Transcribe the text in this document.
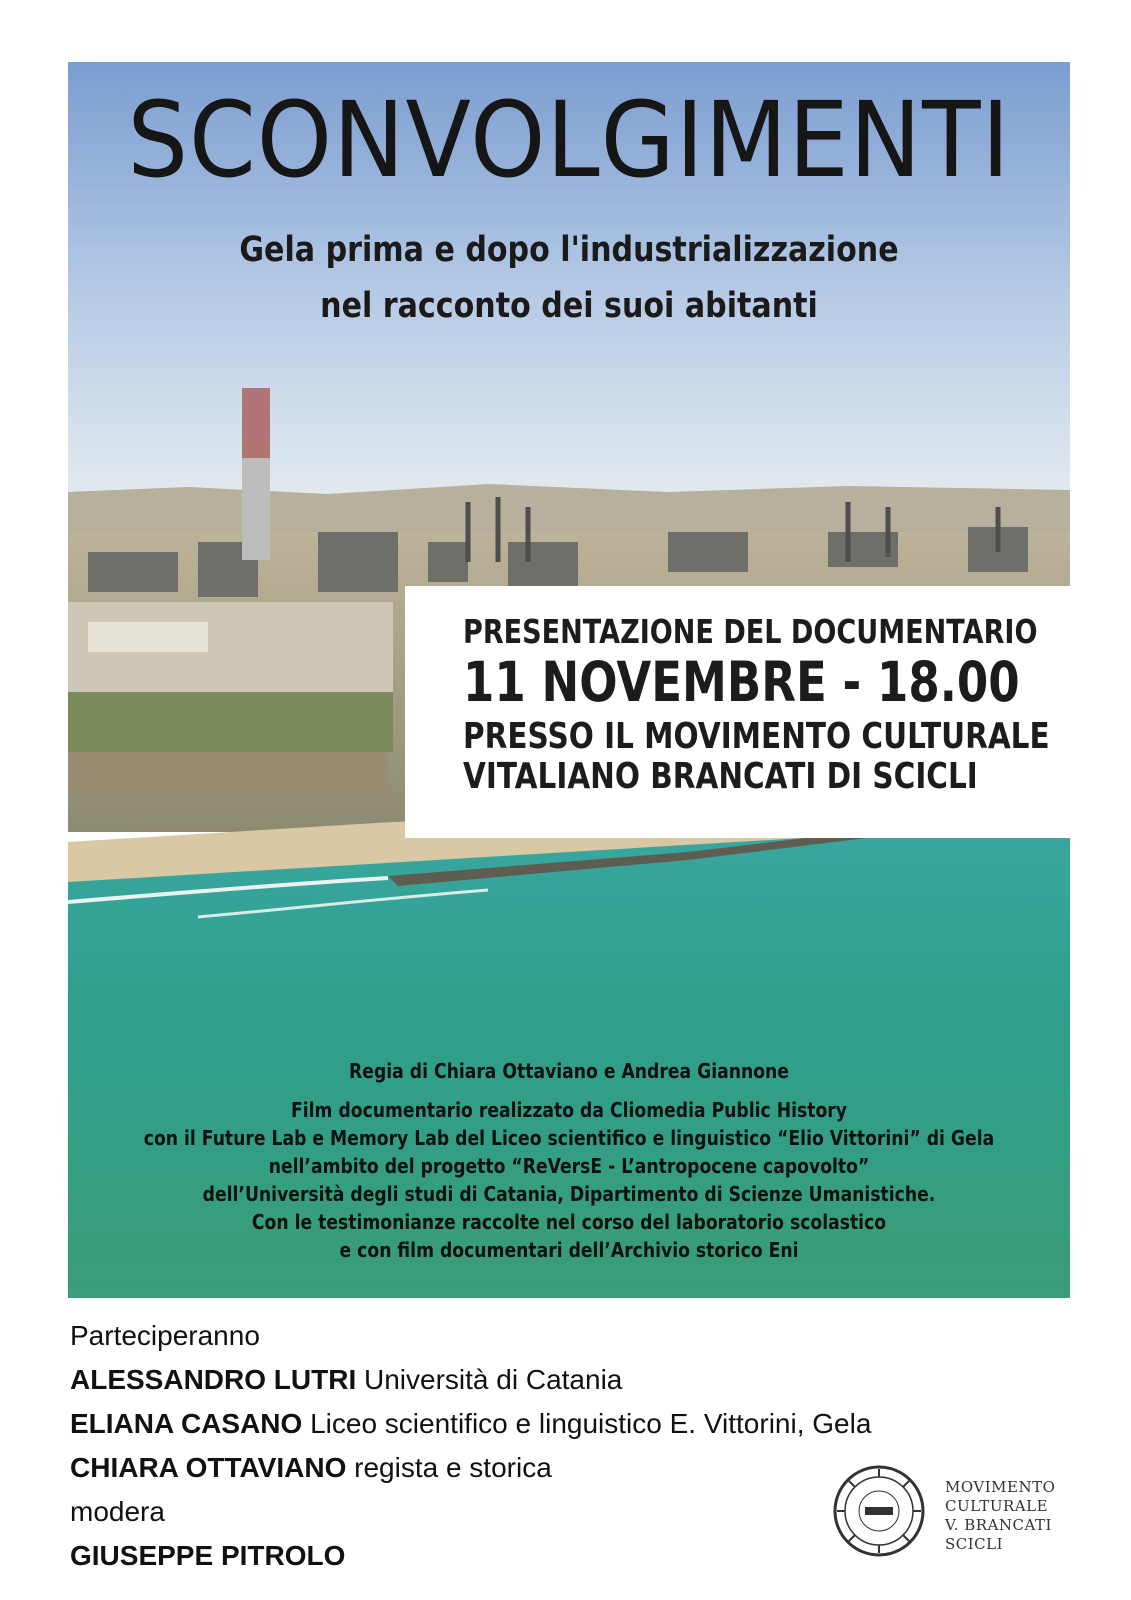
SCONVOLGIMENTI
Gela prima e dopo l'industrializzazione
nel racconto dei suoi abitanti
PRESENTAZIONE DEL DOCUMENTARIO
11 NOVEMBRE - 18.00
PRESSO IL MOVIMENTO CULTURALE
VITALIANO BRANCATI DI SCICLI
Regia di Chiara Ottaviano e Andrea Giannone
Film documentario realizzato da Cliomedia Public History
con il Future Lab e Memory Lab del Liceo scientifico e linguistico “Elio Vittorini” di Gela
nell’ambito del progetto “ReVersE - L’antropocene capovolto”
dell’Università degli studi di Catania, Dipartimento di Scienze Umanistiche.
Con le testimonianze raccolte nel corso del laboratorio scolastico
e con film documentari dell’Archivio storico Eni
Parteciperanno
ALESSANDRO LUTRI Università di Catania
ELIANA CASANO Liceo scientifico e linguistico E. Vittorini, Gela
CHIARA OTTAVIANO regista e storica
modera
GIUSEPPE PITROLO
MOVIMENTO
CULTURALE
V. BRANCATI
SCICLI
